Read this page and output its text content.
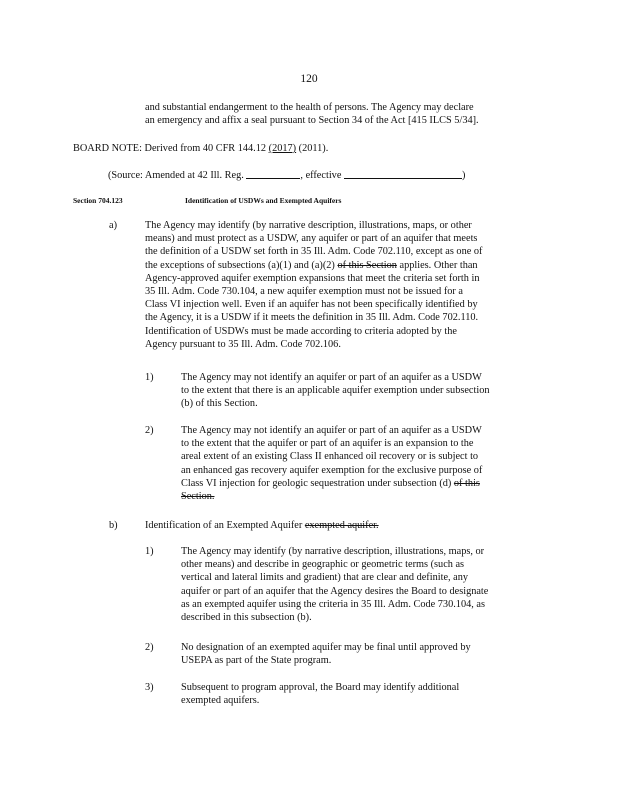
120
and substantial endangerment to the health of persons. The Agency may declare
an emergency and affix a seal pursuant to Section 34 of the Act [415 ILCS 5/34].
BOARD NOTE: Derived from 40 CFR 144.12 (2017) (2011).
(Source: Amended at 42 Ill. Reg.	, effective	)
Section 704.123	Identification of USDWs and Exempted Aquifers
a)	The Agency may identify (by narrative description, illustrations, maps, or other
means) and must protect as a USDW, any aquifer or part of an aquifer that meets
the definition of a USDW set forth in 35 Ill. Adm. Code 702.110, except as one of
the exceptions of subsections (a)(1) and (a)(2) of this Section applies. Other than
Agency-approved aquifer exemption expansions that meet the criteria set forth in
35 Ill. Adm. Code 730.104, a new aquifer exemption must not be issued for a
Class VI injection well. Even if an aquifer has not been specifically identified by
the Agency, it is a USDW if it meets the definition in 35 Ill. Adm. Code 702.110.
Identification of USDWs must be made according to criteria adopted by the
Agency pursuant to 35 Ill. Adm. Code 702.106.
1)	The Agency may not identify an aquifer or part of an aquifer as a USDW
to the extent that there is an applicable aquifer exemption under subsection
(b) of this Section.
2)	The Agency may not identify an aquifer or part of an aquifer as a USDW
to the extent that the aquifer or part of an aquifer is an expansion to the
areal extent of an existing Class II enhanced oil recovery or is subject to
an enhanced gas recovery aquifer exemption for the exclusive purpose of
Class VI injection for geologic sequestration under subsection (d) of this
Section.
b)	Identification of an Exempted Aquifer exempted aquifer.
1)	The Agency may identify (by narrative description, illustrations, maps, or
other means) and describe in geographic or geometric terms (such as
vertical and lateral limits and gradient) that are clear and definite, any
aquifer or part of an aquifer that the Agency desires the Board to designate
as an exempted aquifer using the criteria in 35 Ill. Adm. Code 730.104, as
described in this subsection (b).
2)	No designation of an exempted aquifer may be final until approved by
USEPA as part of the State program.
3)	Subsequent to program approval, the Board may identify additional
exempted aquifers.
